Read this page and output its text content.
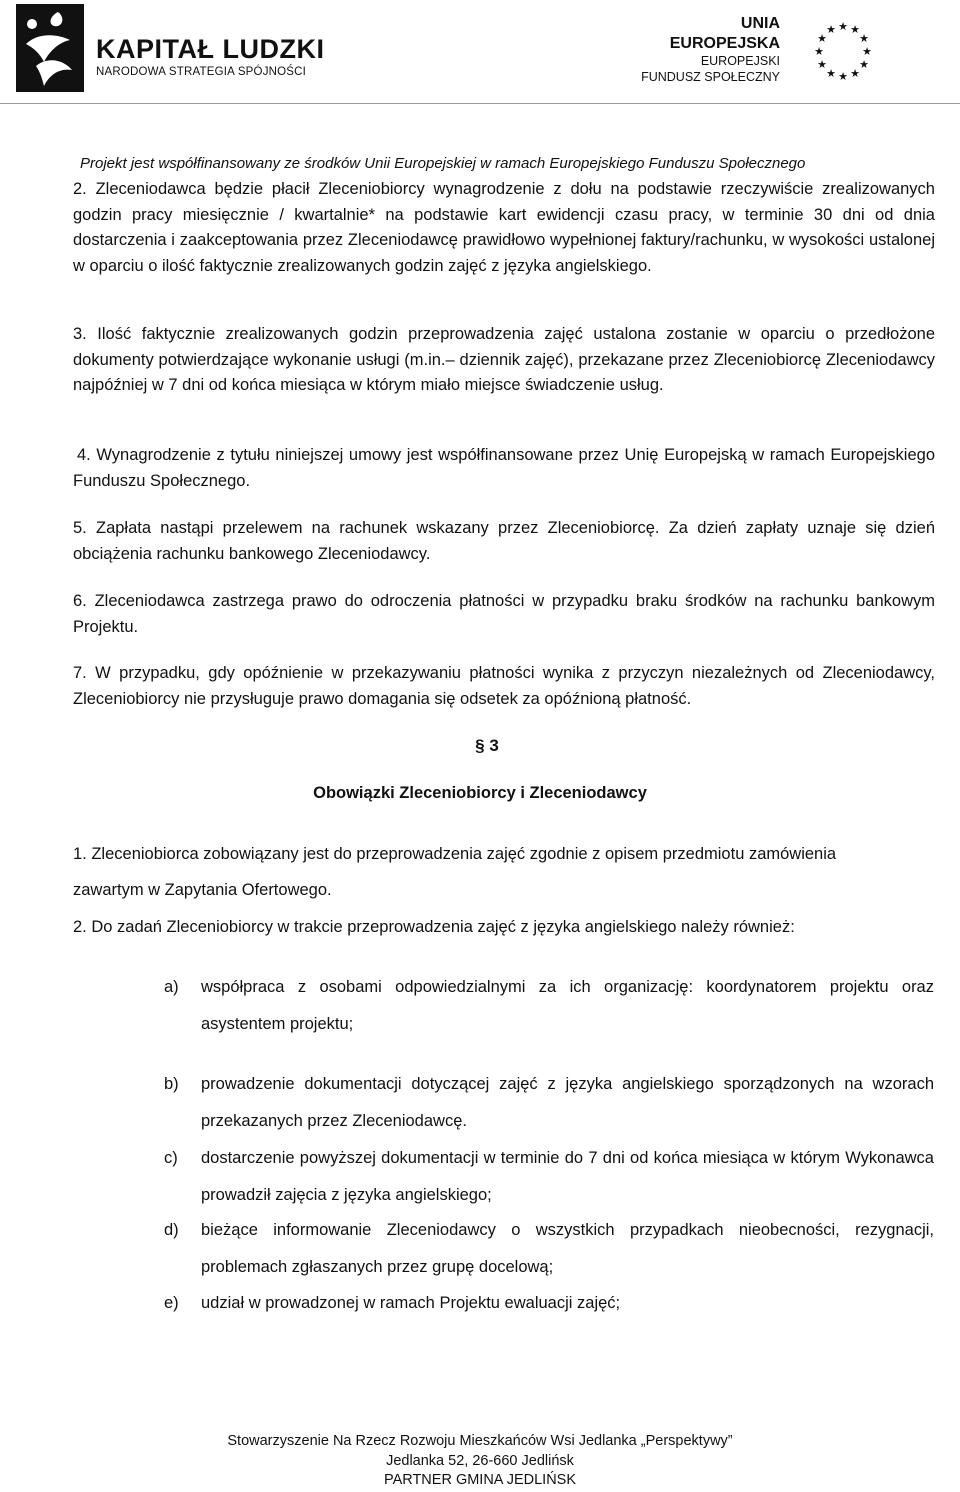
KAPITAŁ LUDZKI
NARODOWA STRATEGIA SPÓJNOŚCI
UNIA EUROPEJSKA
EUROPEJSKI
FUNDUSZ SPOŁECZNY
★ ★
★
★
★
★
★
★
★
★
★
★
Projekt jest współfinansowany ze środków Unii Europejskiej w ramach Europejskiego Funduszu Społecznego

2. Zleceniodawca będzie płacił Zleceniobiorcy wynagrodzenie z dołu na podstawie rzeczywiście zrealizowanych godzin pracy miesięcznie / kwartalnie* na podstawie kart ewidencji czasu pracy, w terminie 30 dni od dnia dostarczenia i zaakceptowania przez Zleceniodawcę prawidłowo wypełnionej faktury/rachunku, w wysokości ustalonej w oparciu o ilość faktycznie zrealizowanych godzin zajęć z języka angielskiego.

3. Ilość faktycznie zrealizowanych godzin przeprowadzenia zajęć ustalona zostanie w oparciu o przedłożone dokumenty potwierdzające wykonanie usługi (m.in.– dziennik zajęć), przekazane przez Zleceniobiorcę Zleceniodawcy najpóźniej w 7 dni od końca miesiąca w którym miało miejsce świadczenie usług.

4. Wynagrodzenie z tytułu niniejszej umowy jest współfinansowane przez Unię Europejską w ramach Europejskiego Funduszu Społecznego.

5. Zapłata nastąpi przelewem na rachunek wskazany przez Zleceniobiorcę. Za dzień zapłaty uznaje się dzień obciążenia rachunku bankowego Zleceniodawcy.

6. Zleceniodawca zastrzega prawo do odroczenia płatności w przypadku braku środków na rachunku bankowym Projektu.

7. W przypadku, gdy opóźnienie w przekazywaniu płatności wynika z przyczyn niezależnych od Zleceniodawcy, Zleceniobiorcy nie przysługuje prawo domagania się odsetek za opóźnioną płatność.

§ 3
Obowiązki Zleceniobiorcy i Zleceniodawcy
1. Zleceniobiorca zobowiązany jest do przeprowadzenia zajęć zgodnie z opisem przedmiotu zamówienia zawartym w Zapytania Ofertowego.
2. Do zadań Zleceniobiorcy w trakcie przeprowadzenia zajęć z języka angielskiego należy również:
a)	współpraca z osobami odpowiedzialnymi za ich organizację: koordynatorem projektu oraz asystentem projektu;
b)	prowadzenie dokumentacji dotyczącej zajęć z języka angielskiego sporządzonych na wzorach przekazanych przez Zleceniodawcę.
c)	dostarczenie powyższej dokumentacji w terminie do 7 dni od końca miesiąca w którym Wykonawca prowadził zajęcia z języka angielskiego;
d)	bieżące informowanie Zleceniodawcy o wszystkich przypadkach nieobecności, rezygnacji, problemach zgłaszanych przez grupę docelową;
e)	udział w prowadzonej w ramach Projektu ewaluacji zajęć;
Stowarzyszenie Na Rzecz Rozwoju Mieszkańców Wsi Jedlanka „Perspektywy”
Jedlanka 52, 26-660 Jedlińsk
PARTNER GMINA JEDLIŃSK
